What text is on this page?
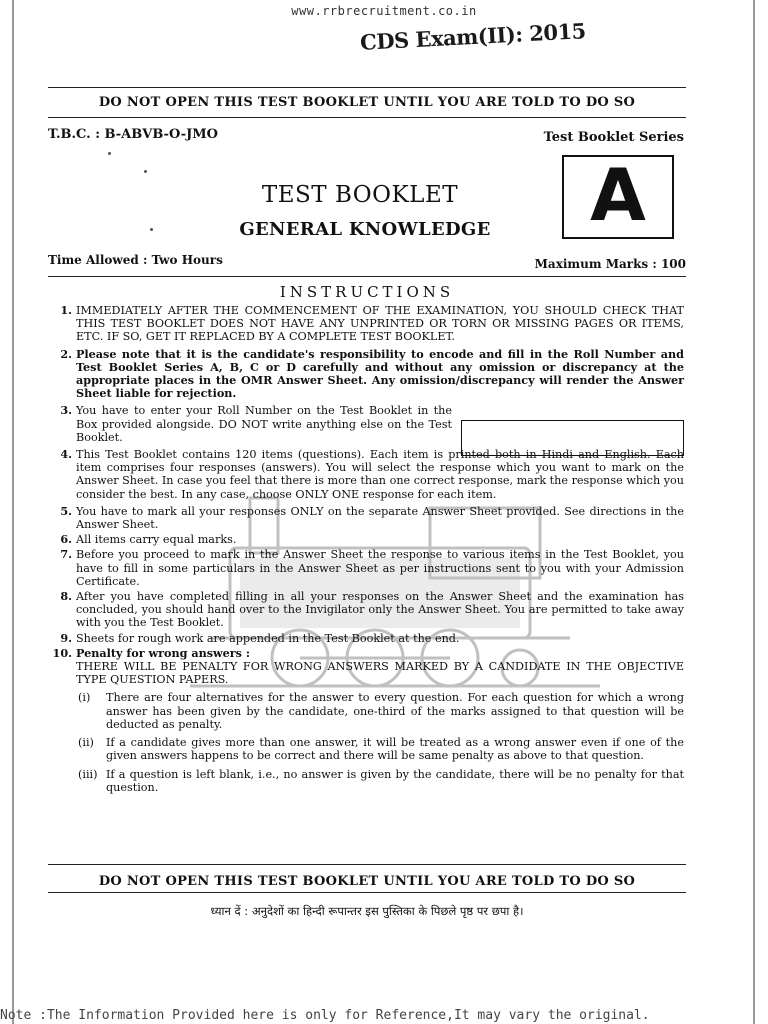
www.rrbrecruitment.co.in
CDS Exam(II): 2015
DO NOT OPEN THIS TEST BOOKLET UNTIL YOU ARE TOLD TO DO SO
T.B.C. : B-ABVB-O-JMO	Test Booklet Series
TEST BOOKLET
GENERAL KNOWLEDGE	A
Time Allowed : Two Hours	Maximum Marks : 100
INSTRUCTIONS
1. IMMEDIATELY AFTER THE COMMENCEMENT OF THE EXAMINATION, YOU SHOULD CHECK THAT THIS TEST BOOKLET DOES NOT HAVE ANY UNPRINTED OR TORN OR MISSING PAGES OR ITEMS, ETC. IF SO, GET IT REPLACED BY A COMPLETE TEST BOOKLET.
2. Please note that it is the candidate's responsibility to encode and fill in the Roll Number and Test Booklet Series A, B, C or D carefully and without any omission or discrepancy at the appropriate places in the OMR Answer Sheet. Any omission/discrepancy will render the Answer Sheet liable for rejection.
3. You have to enter your Roll Number on the Test Booklet in the Box provided alongside. DO NOT write anything else on the Test Booklet.
4. This Test Booklet contains 120 items (questions). Each item is printed both in Hindi and English. Each item comprises four responses (answers). You will select the response which you want to mark on the Answer Sheet. In case you feel that there is more than one correct response, mark the response which you consider the best. In any case, choose ONLY ONE response for each item.
5. You have to mark all your responses ONLY on the separate Answer Sheet provided. See directions in the Answer Sheet.
6. All items carry equal marks.
7. Before you proceed to mark in the Answer Sheet the response to various items in the Test Booklet, you have to fill in some particulars in the Answer Sheet as per instructions sent to you with your Admission Certificate.
8. After you have completed filling in all your responses on the Answer Sheet and the examination has concluded, you should hand over to the Invigilator only the Answer Sheet. You are permitted to take away with you the Test Booklet.
9. Sheets for rough work are appended in the Test Booklet at the end.
10. Penalty for wrong answers :
THERE WILL BE PENALTY FOR WRONG ANSWERS MARKED BY A CANDIDATE IN THE OBJECTIVE TYPE QUESTION PAPERS.
(i) There are four alternatives for the answer to every question. For each question for which a wrong answer has been given by the candidate, one-third of the marks assigned to that question will be deducted as penalty.
(ii) If a candidate gives more than one answer, it will be treated as a wrong answer even if one of the given answers happens to be correct and there will be same penalty as above to that question.
(iii) If a question is left blank, i.e., no answer is given by the candidate, there will be no penalty for that question.
DO NOT OPEN THIS TEST BOOKLET UNTIL YOU ARE TOLD TO DO SO
ध्यान दें : अनुदेशों का हिन्दी रूपान्तर इस पुस्तिका के पिछले पृष्ठ पर छपा है।
Note :The Information Provided here is only for Reference,It may vary the original.
